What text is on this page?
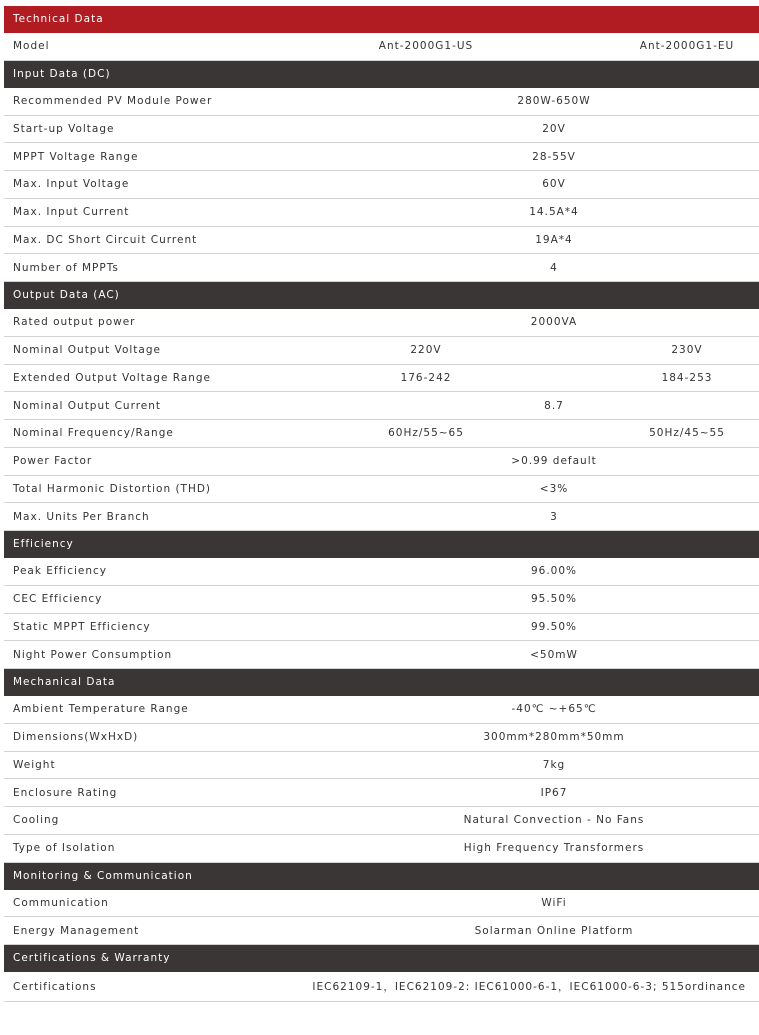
Technical Data
Model	Ant-2000G1-US	Ant-2000G1-EU
Input Data (DC)
Recommended PV Module Power	280W-650W
Start-up Voltage	20V
MPPT Voltage Range	28-55V
Max. Input Voltage	60V
Max. Input Current	14.5A*4
Max. DC Short Circuit Current	19A*4
Number of MPPTs	4
Output Data (AC)
Rated output power	2000VA
Nominal Output Voltage	220V	230V
Extended Output Voltage Range	176-242	184-253
Nominal Output Current	8.7
Nominal Frequency/Range	60Hz/55~65	50Hz/45~55
Power Factor	>0.99 default
Total Harmonic Distortion (THD)	<3%
Max. Units Per Branch	3
Efficiency
Peak Efficiency	96.00%
CEC Efficiency	95.50%
Static MPPT Efficiency	99.50%
Night Power Consumption	<50mW
Mechanical Data
Ambient Temperature Range	-40℃ ~+65℃
Dimensions(WxHxD)	300mm*280mm*50mm
Weight	7kg
Enclosure Rating	IP67
Cooling	Natural Convection - No Fans
Type of Isolation	High Frequency Transformers
Monitoring & Communication
Communication	WiFi
Energy Management	Solarman Online Platform
Certifications & Warranty
Certifications	IEC62109-1，IEC62109-2: IEC61000-6-1，IEC61000-6-3; 515ordinance
